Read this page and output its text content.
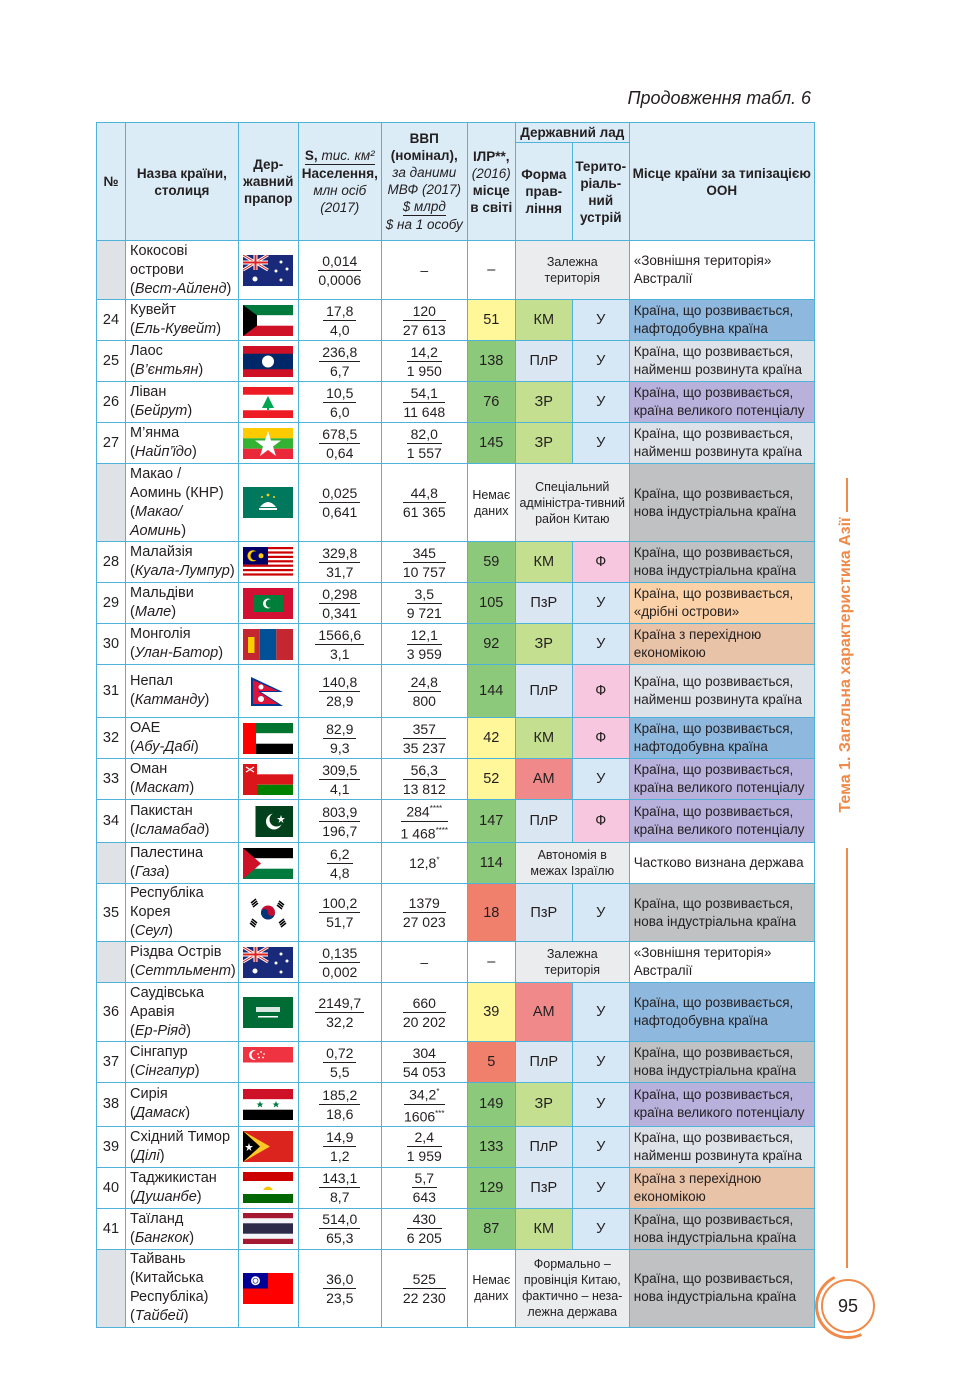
Продовження табл. 6
№	Назва країни, столиця	Дер-жавний прапор	S, тис. км²
Населення,
млн осіб
(2017)	ВВП (номінал),
за даними МВФ (2017)
$ млрд
$ на 1 особу	ІЛР**,
(2016)
місце в світі	Державний лад		Місце країни за типізацією ООН
						Форма прав-ління	Терито-ріаль-ний устрій	
	Кокосові острови
(Вест-Айленд)		$\frac{0,014}{0,0006}$	–	–	Залежна територія		«Зовнішня територія» Австралії
24	Кувейт
(Ель-Кувейт)		$\frac{17,8}{4,0}$	$\frac{120}{27 613}$	51	КМ	У	Країна, що розвивається, нафтодобувна країна
25	Лаос
(В’єнтьян)		$\frac{236,8}{6,7}$	$\frac{14,2}{1 950}$	138	ПлР	У	Країна, що розвивається, найменш розвинута країна
26	Ліван
(Бейрут)		$\frac{10,5}{6,0}$	$\frac{54,1}{11 648}$	76	ЗР	У	Країна, що розвивається, країна великого потенціалу
27	М’янма
(Найп’їдо)		$\frac{678,5}{0,64}$	$\frac{82,0}{1 557}$	145	ЗР	У	Країна, що розвивається, найменш розвинута країна
	Макао / Аоминь (КНР)
(Макао/ Аоминь)		$\frac{0,025}{0,641}$	$\frac{44,8}{61 365}$	Немає даних	Спеціальний адміністра-тивний район Китаю		Країна, що розвивається, нова індустріальна країна
28	Малайзія
(Куала-Лумпур)		$\frac{329,8}{31,7}$	$\frac{345}{10 757}$	59	КМ	Ф	Країна, що розвивається, нова індустріальна країна
29	Мальдіви
(Мале)		$\frac{0,298}{0,341}$	$\frac{3,5}{9 721}$	105	ПзР	У	Країна, що розвивається, «дрібні острови»
30	Монголія
(Улан-Батор)		$\frac{1566,6}{3,1}$	$\frac{12,1}{3 959}$	92	ЗР	У	Країна з перехідною економікою
31	Непал
(Катманду)		$\frac{140,8}{28,9}$	$\frac{24,8}{800}$	144	ПлР	Ф	Країна, що розвивається, найменш розвинута країна
32	ОАЕ
(Абу-Дабі)		$\frac{82,9}{9,3}$	$\frac{357}{35 237}$	42	КМ	Ф	Країна, що розвивається, нафтодобувна країна
33	Оман
(Маскат)		$\frac{309,5}{4,1}$	$\frac{56,3}{13 812}$	52	АМ	У	Країна, що розвивається, країна великого потенціалу
34	Пакистан
(Ісламабад)		$\frac{803,9}{196,7}$	$\frac{284^{****}}{1 468^{****}}$	147	ПлР	Ф	Країна, що розвивається, країна великого потенціалу
	Палестина
(Газа)		$\frac{6,2}{4,8}$	12,8*	114	Автономія в межах Ізраїлю		Частково визнана держава
35	Республіка Корея
(Сеул)		$\frac{100,2}{51,7}$	$\frac{1379}{27 023}$	18	ПзР	У	Країна, що розвивається, нова індустріальна країна
	Різдва Острів
(Сеттльмент)		$\frac{0,135}{0,002}$	–	–	Залежна територія		«Зовнішня територія» Австралії
36	Саудівська Аравія
(Ер-Ріяд)		$\frac{2149,7}{32,2}$	$\frac{660}{20 202}$	39	АМ	У	Країна, що розвивається, нафтодобувна країна
37	Сінгапур
(Сінгапур)		$\frac{0,72}{5,5}$	$\frac{304}{54 053}$	5	ПлР	У	Країна, що розвивається, нова індустріальна країна
38	Сирія
(Дамаск)		$\frac{185,2}{18,6}$	$\frac{34,2^*}{1606^{***}}$	149	ЗР	У	Країна, що розвивається, країна великого потенціалу
39	Східний Тимор
(Ділі)		$\frac{14,9}{1,2}$	$\frac{2,4}{1 959}$	133	ПлР	У	Країна, що розвивається, найменш розвинута країна
40	Таджикистан
(Душанбе)		$\frac{143,1}{8,7}$	$\frac{5,7}{643}$	129	ПзР	У	Країна з перехідною економікою
41	Таїланд
(Бангкок)		$\frac{514,0}{65,3}$	$\frac{430}{6 205}$	87	КМ	У	Країна, що розвивається, нова індустріальна країна
	Тайвань (Китайська Республіка)
(Тайбей)		$\frac{36,0}{23,5}$	$\frac{525}{22 230}$	Немає даних	Формально – провінція Китаю, фактично – неза-лежна держава		Країна, що розвивається, нова індустріальна країна
Тема 1. Загальна характеристика Азії
95
